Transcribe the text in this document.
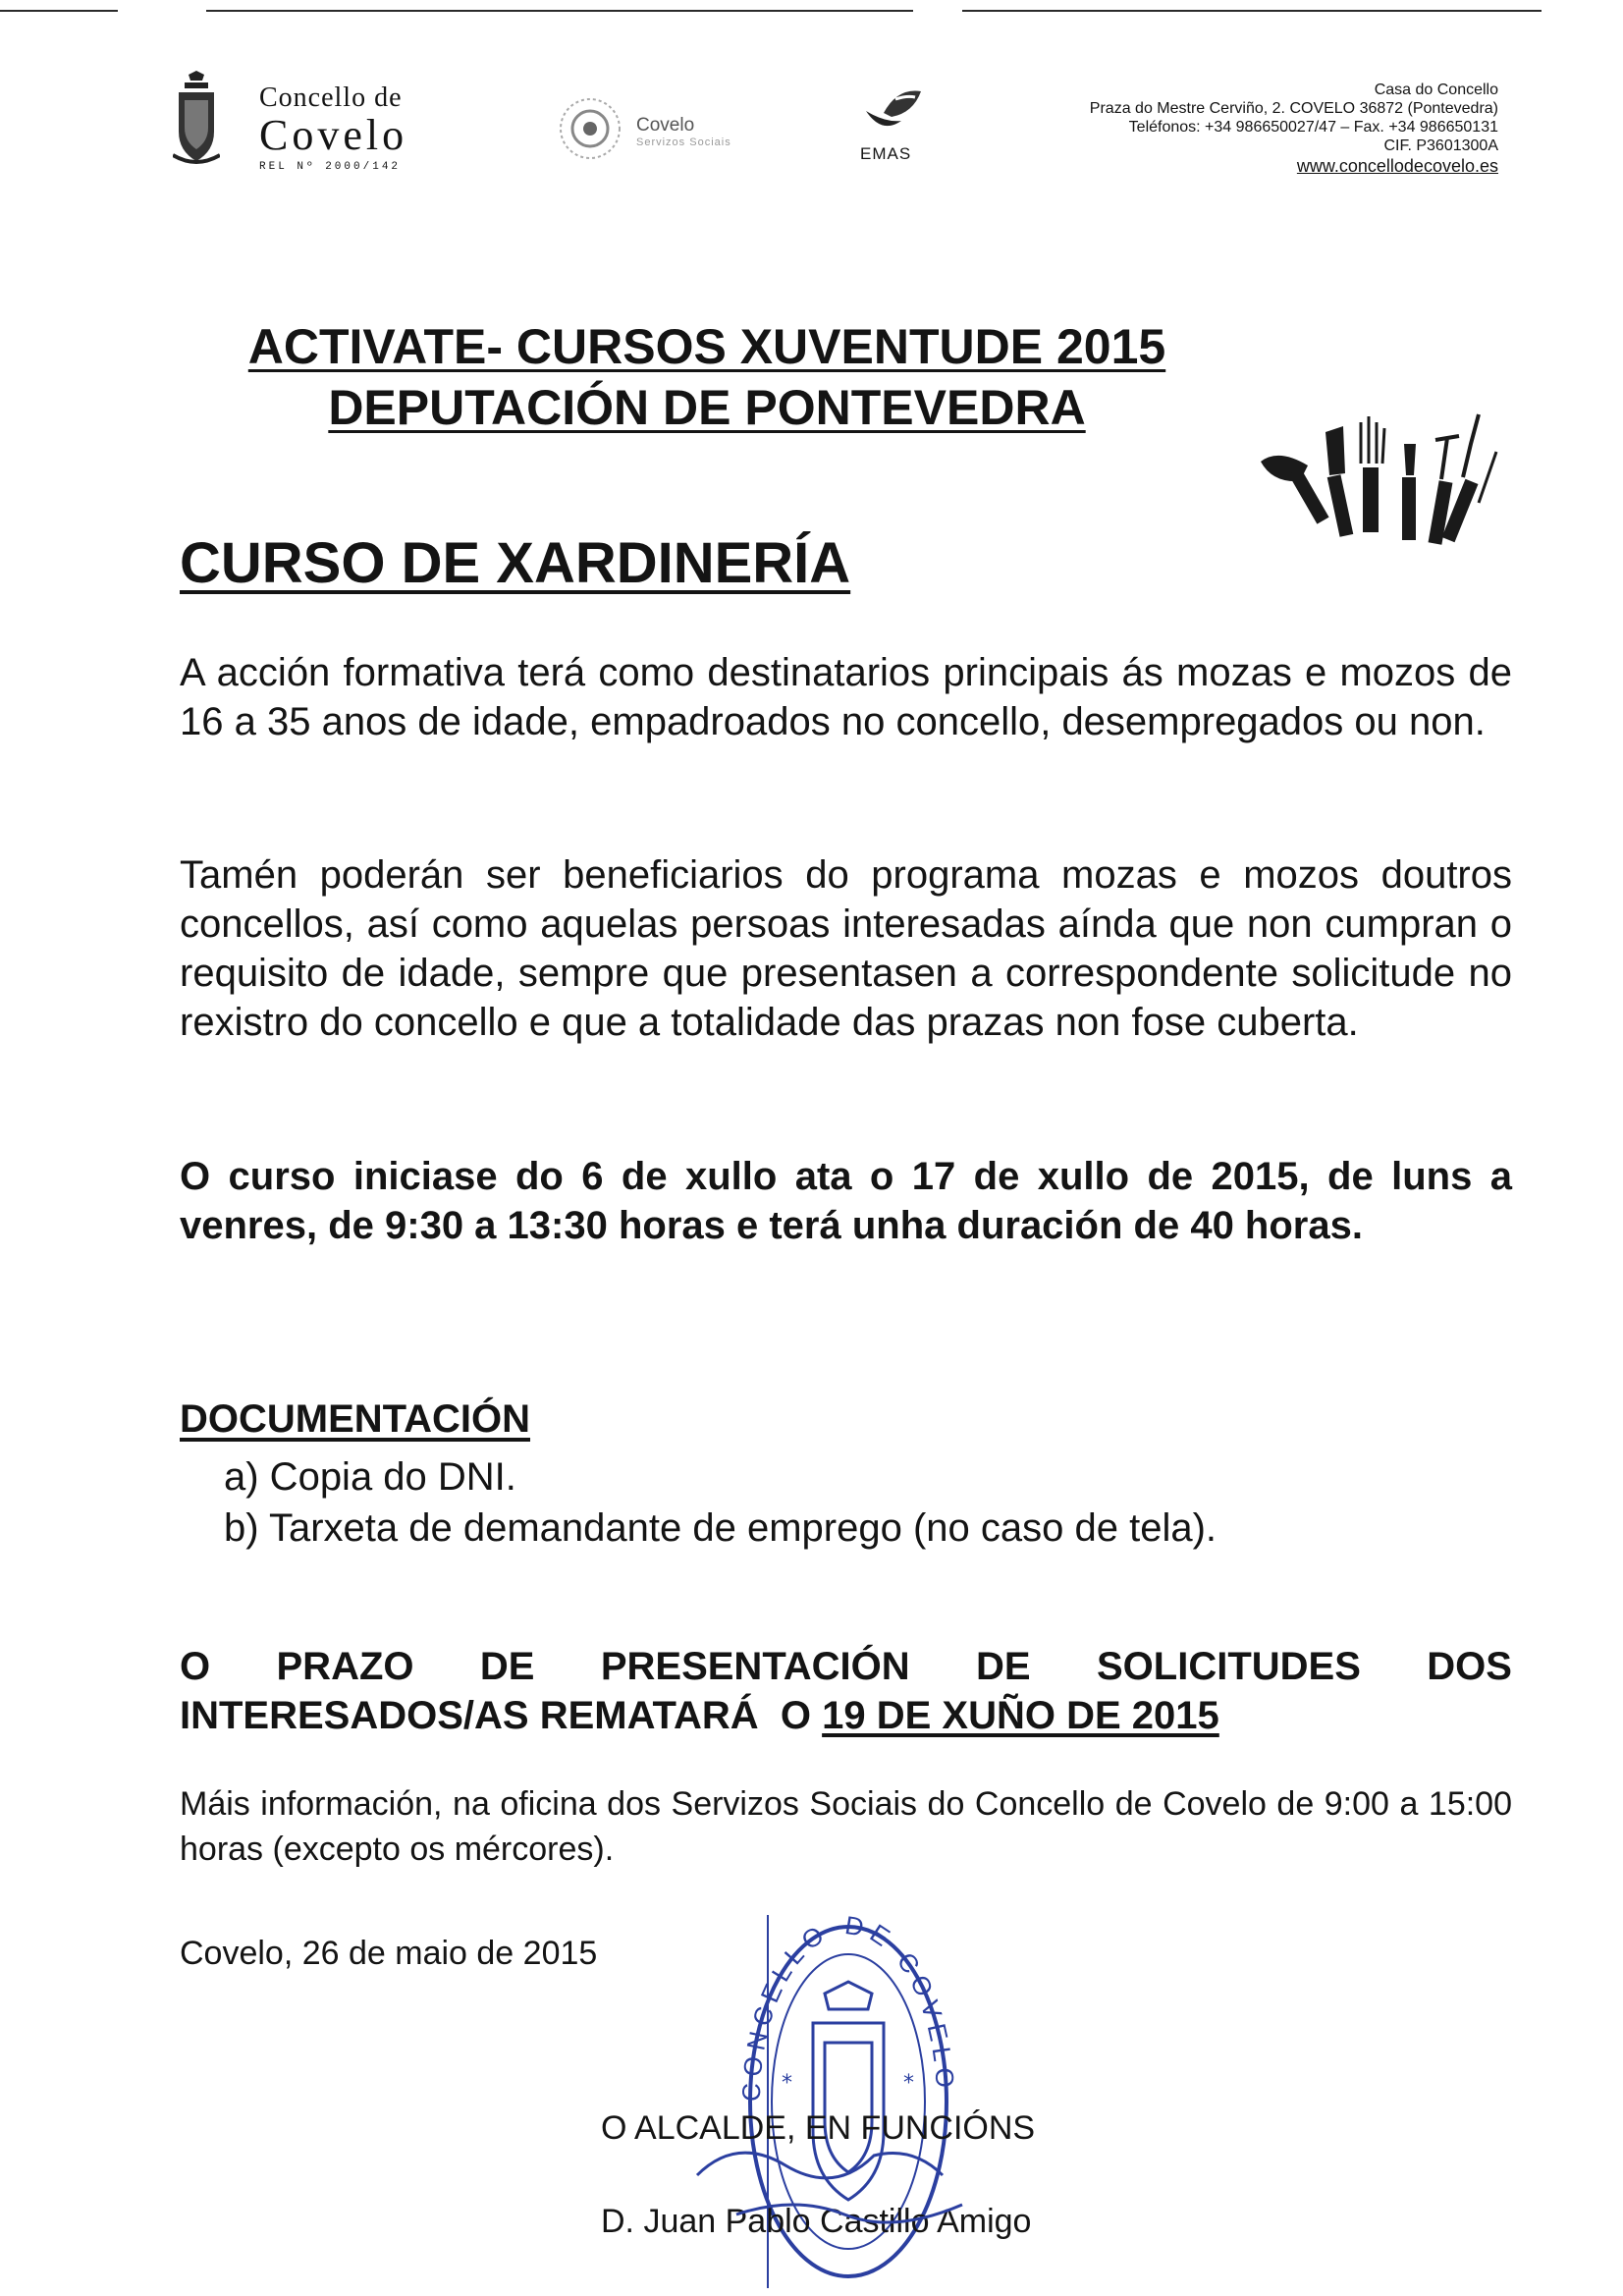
Concello de
Covelo
REL Nº 2000/142
Covelo
Servizos Sociais
EMAS
Casa do Concello
Praza do Mestre Cerviño, 2. COVELO 36872 (Pontevedra)
Teléfonos: +34 986650027/47 – Fax. +34 986650131
CIF. P3601300A
www.concellodecovelo.es
ACTIVATE- CURSOS XUVENTUDE 2015
DEPUTACIÓN DE PONTEVEDRA
CURSO DE XARDINERÍA
A acción formativa terá como destinatarios principais ás mozas e mozos de 16 a 35 anos de idade, empadroados no concello, desempregados ou non.
Tamén poderán ser beneficiarios do programa mozas e mozos doutros concellos, así como aquelas persoas interesadas aínda que non cumpran o requisito de idade, sempre que presentasen a correspondente solicitude no rexistro do concello e que a totalidade das prazas non fose cuberta.
O curso iniciase do 6 de xullo ata o 17 de xullo de 2015, de luns a venres, de 9:30 a 13:30 horas e terá unha duración de 40 horas.
DOCUMENTACIÓN
a) Copia do DNI.
b) Tarxeta de demandante de emprego (no caso de tela).
O PRAZO DE PRESENTACIÓN DE SOLICITUDES DOS
INTERESADOS/AS REMATARÁ  O 19 DE XUÑO DE 2015
Máis información, na oficina dos Servizos Sociais do Concello de Covelo de 9:00 a 15:00 horas (excepto os mércores).
Covelo, 26 de maio de 2015
CONCELLO DE COVELO
*	*
O ALCALDE, EN FUNCIÓNS
D. Juan Pablo Castillo Amigo
